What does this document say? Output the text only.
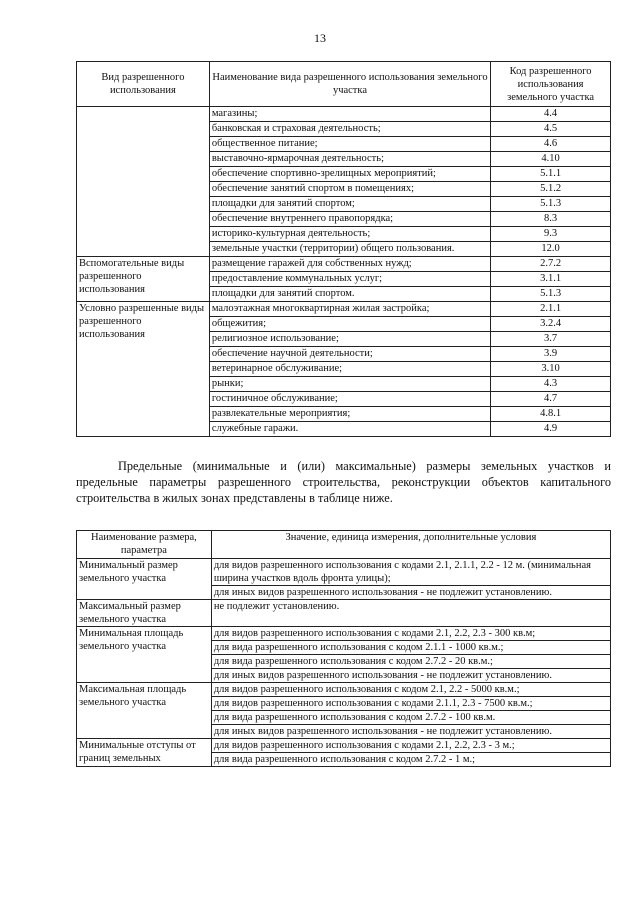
13
Вид разрешенного использования	Наименование вида разрешенного использования земельного участка	Код разрешенного использования земельного участка
	магазины;	4.4
	банковская и страховая деятельность;	4.5
	общественное питание;	4.6
	выставочно-ярмарочная деятельность;	4.10
	обеспечение спортивно-зрелищных мероприятий;	5.1.1
	обеспечение занятий спортом в помещениях;	5.1.2
	площадки для занятий спортом;	5.1.3
	обеспечение внутреннего правопорядка;	8.3
	историко-культурная деятельность;	9.3
	земельные участки (территории) общего пользования.	12.0
Вспомогательные виды разрешенного использования	размещение гаражей для собственных нужд;	2.7.2
	предоставление коммунальных услуг;	3.1.1
	площадки для занятий спортом.	5.1.3
Условно разрешенные виды разрешенного использования	малоэтажная многоквартирная жилая застройка;	2.1.1
	общежития;	3.2.4
	религиозное использование;	3.7
	обеспечение научной деятельности;	3.9
	ветеринарное обслуживание;	3.10
	рынки;	4.3
	гостиничное обслуживание;	4.7
	развлекательные мероприятия;	4.8.1
	служебные гаражи.	4.9

Предельные (минимальные и (или) максимальные) размеры земельных участков и предельные параметры разрешенного строительства, реконструкции объектов капитального строительства в жилых зонах представлены в таблице ниже.

Наименование размера, параметра	Значение, единица измерения, дополнительные условия
Минимальный размер земельного участка	для видов разрешенного использования с кодами 2.1, 2.1.1, 2.2 - 12 м. (минимальная ширина участков вдоль фронта улицы);
	для иных видов разрешенного использования - не подлежит установлению.
Максимальный размер земельного участка	не подлежит установлению.
Минимальная площадь земельного участка	для видов разрешенного использования с кодами 2.1, 2.2, 2.3 - 300 кв.м;
	для вида разрешенного использования с кодом 2.1.1 - 1000 кв.м.;
	для вида разрешенного использования с кодом 2.7.2 - 20 кв.м.;
	для иных видов разрешенного использования - не подлежит установлению.
Максимальная площадь земельного участка	для видов разрешенного использования с кодом 2.1, 2.2 - 5000 кв.м.;
	для видов разрешенного использования с кодами 2.1.1, 2.3 - 7500 кв.м.;
	для вида разрешенного использования с кодом 2.7.2 - 100 кв.м.
	для иных видов разрешенного использования - не подлежит установлению.
Минимальные отступы от границ земельных	для видов разрешенного использования с кодами 2.1, 2.2, 2.3 - 3 м.;
	для вида разрешенного использования с кодом 2.7.2 - 1 м.;
